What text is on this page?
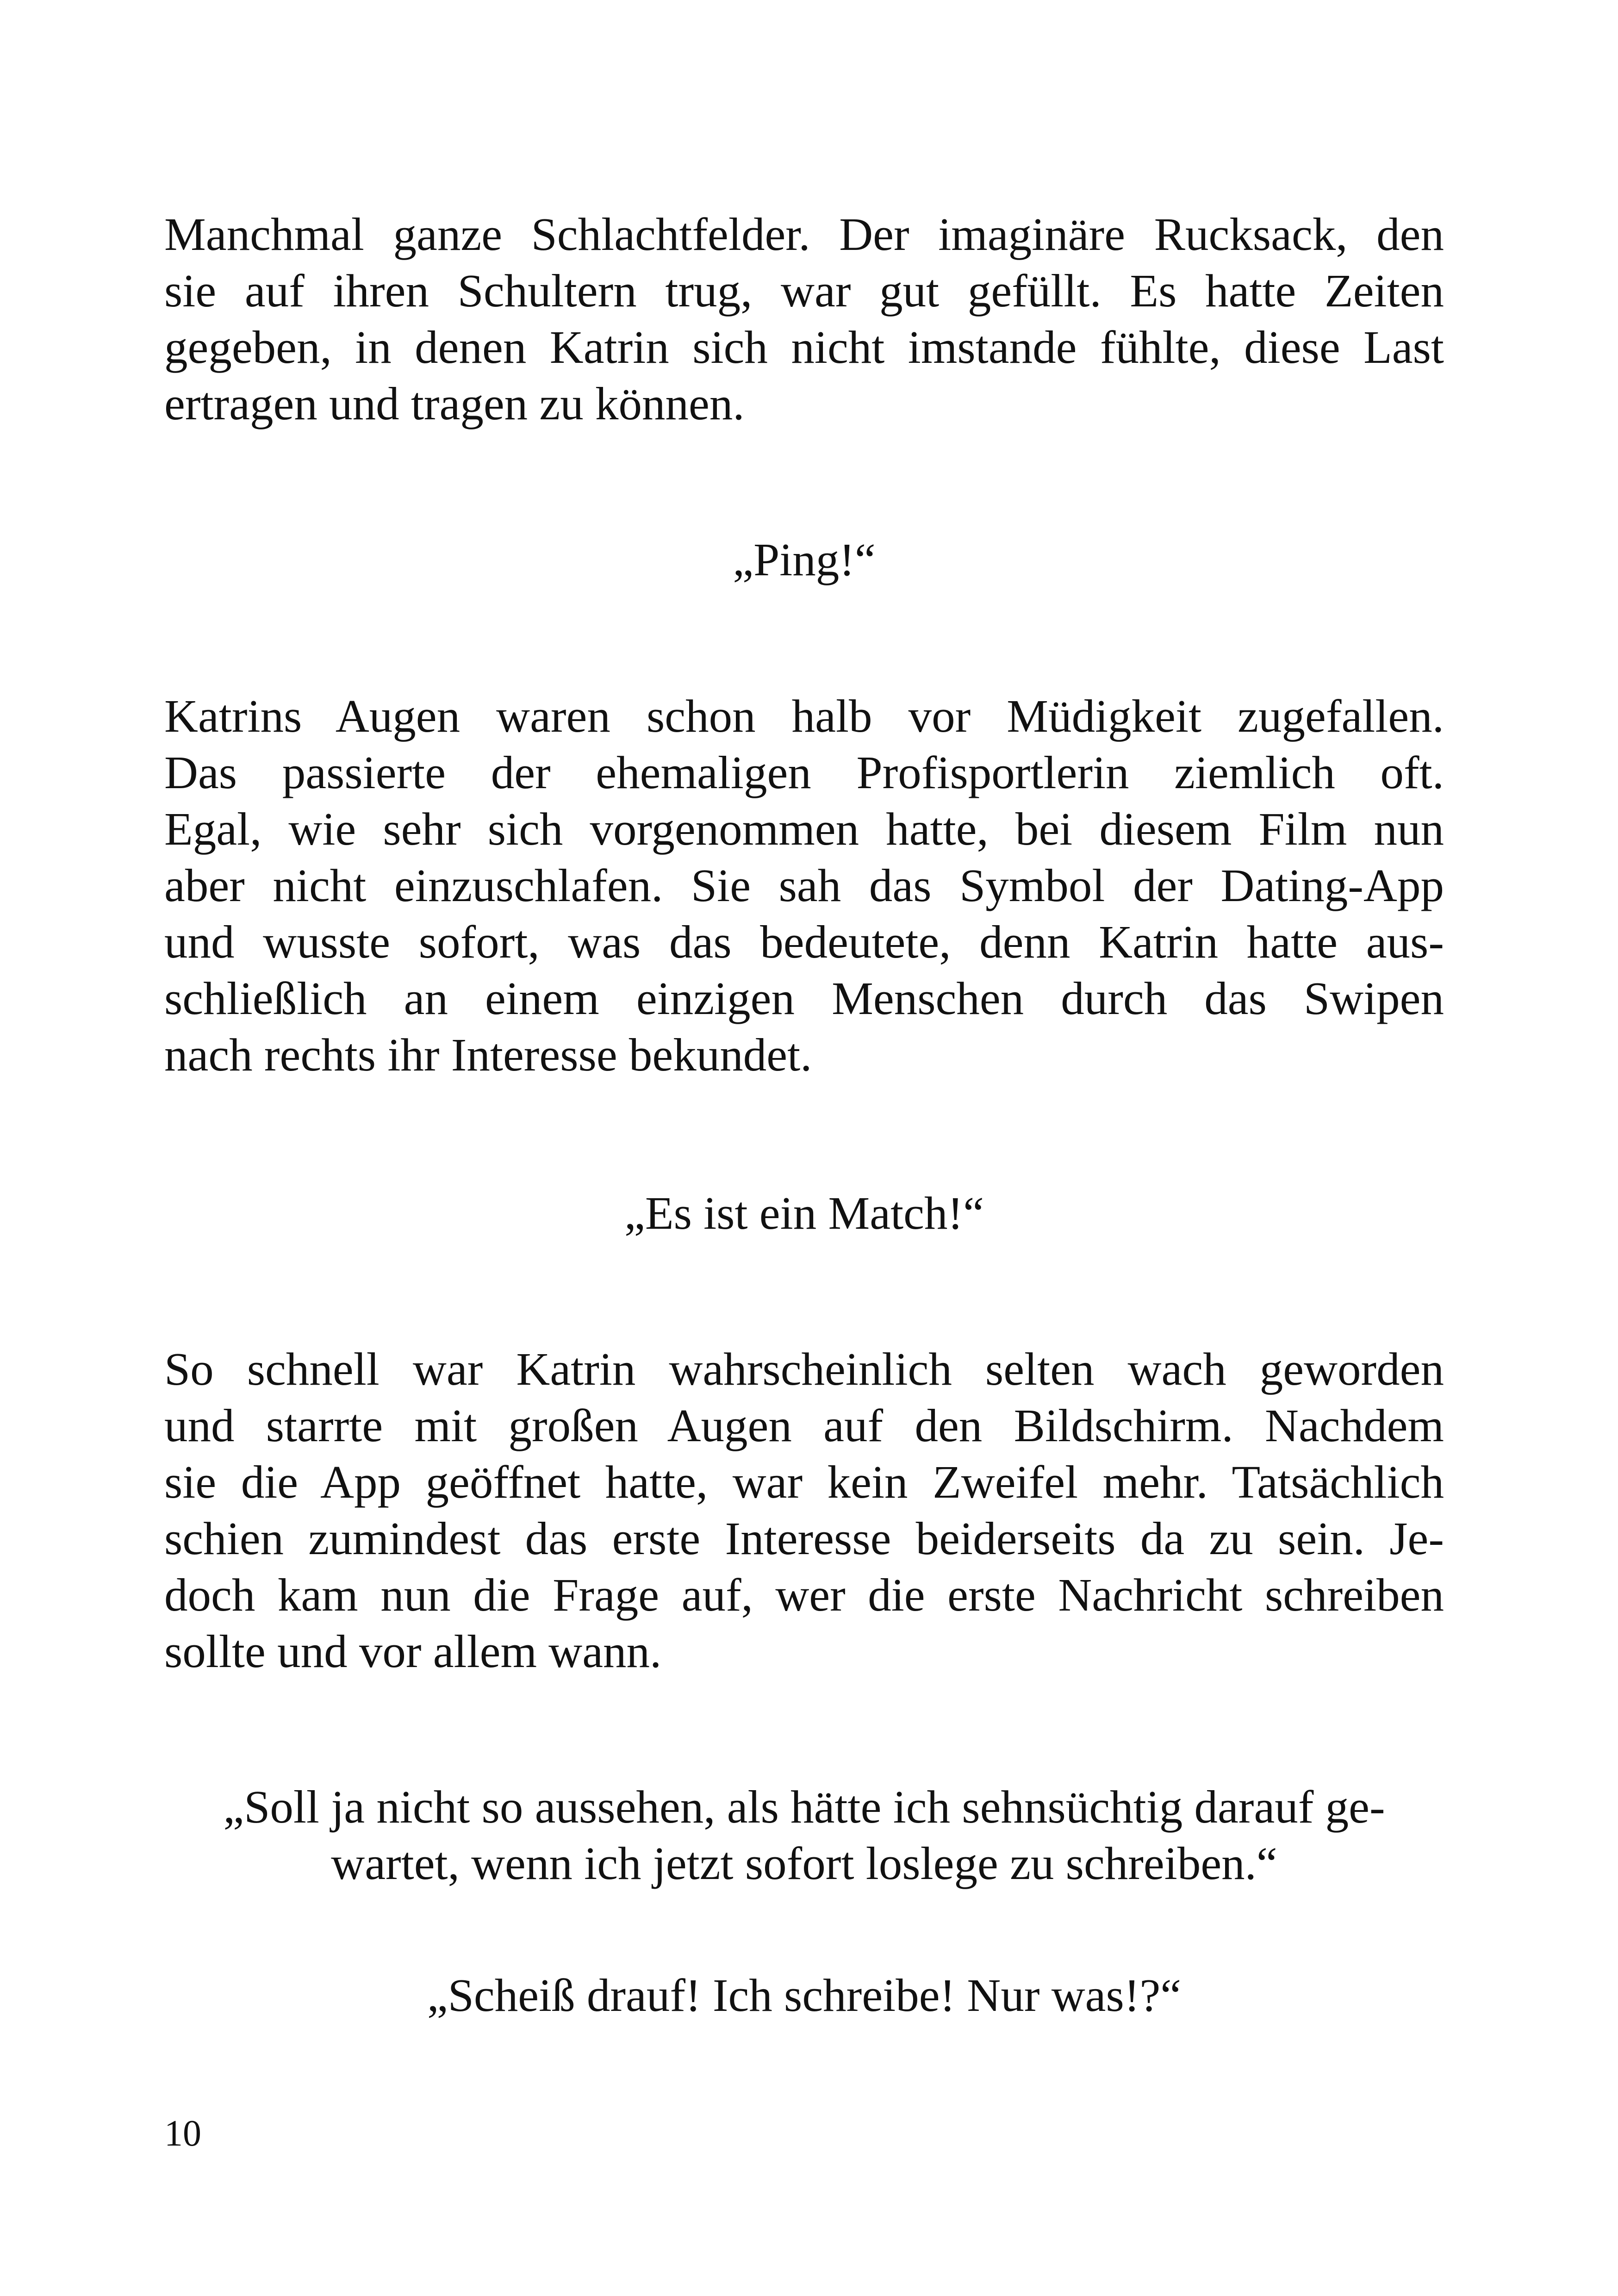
Manchmal ganze Schlachtfelder. Der imaginäre Rucksack, den
sie auf ihren Schultern trug, war gut gefüllt. Es hatte Zeiten
gegeben, in denen Katrin sich nicht imstande fühlte, diese Last
ertragen und tragen zu können.
„Ping!“
Katrins Augen waren schon halb vor Müdigkeit zugefallen.
Das passierte der ehemaligen Profisportlerin ziemlich oft.
Egal, wie sehr sich vorgenommen hatte, bei diesem Film nun
aber nicht einzuschlafen. Sie sah das Symbol der Dating-App
und wusste sofort, was das bedeutete, denn Katrin hatte aus-
schließlich an einem einzigen Menschen durch das Swipen
nach rechts ihr Interesse bekundet.
„Es ist ein Match!“
So schnell war Katrin wahrscheinlich selten wach geworden
und starrte mit großen Augen auf den Bildschirm. Nachdem
sie die App geöffnet hatte, war kein Zweifel mehr. Tatsächlich
schien zumindest das erste Interesse beiderseits da zu sein. Je-
doch kam nun die Frage auf, wer die erste Nachricht schreiben
sollte und vor allem wann.
„Soll ja nicht so aussehen, als hätte ich sehnsüchtig darauf ge-
wartet, wenn ich jetzt sofort loslege zu schreiben.“
„Scheiß drauf! Ich schreibe! Nur was!?“
10
